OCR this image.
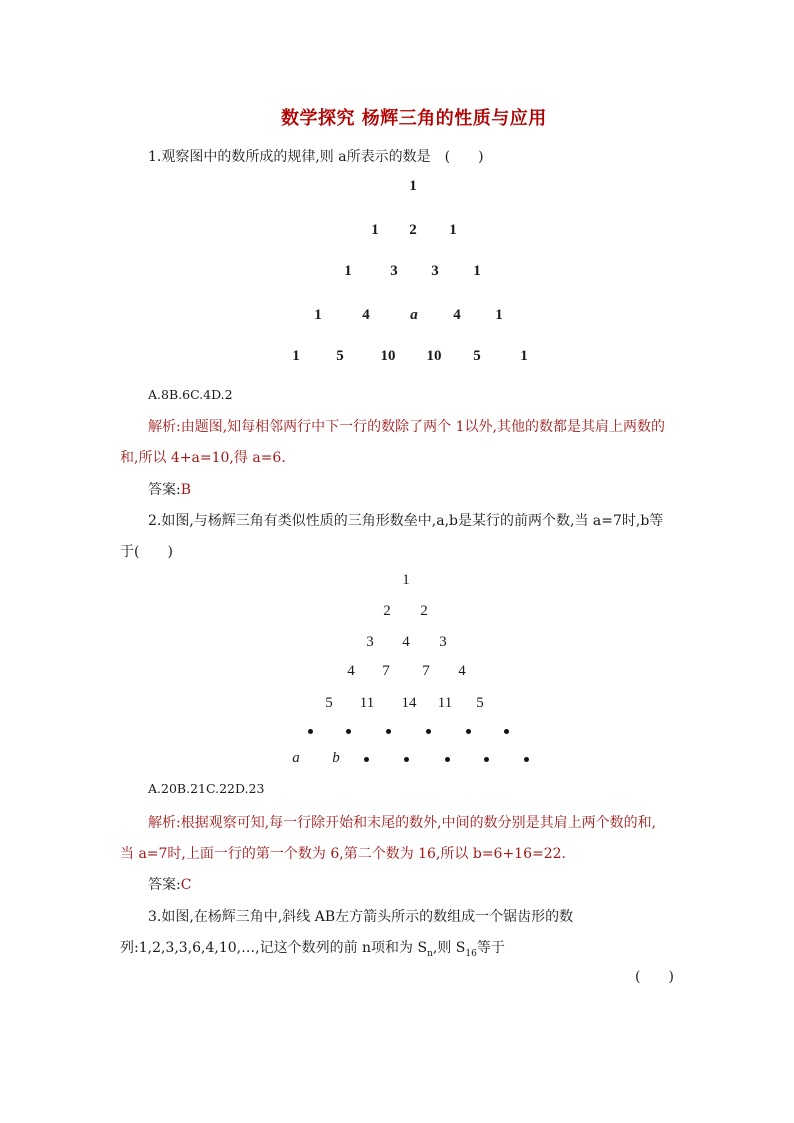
数学探究 杨辉三角的性质与应用
1.观察图中的数所成的规律,则 a所表示的数是　(　　)
1
1 2 1
1	3 3 1
1	4	a 4 1
1 5 10 10 5	1
A.8B.6C.4D.2
解析:由题图,知每相邻两行中下一行的数除了两个 1以外,其他的数都是其肩上两数的
和,所以 4+a=10,得 a=6.
答案:B
2.如图,与杨辉三角有类似性质的三角形数垒中,a,b是某行的前两个数,当 a=7时,b等
于(　　)
1
2 2
3 4 3
4 7 7 4
5 11 14 11 5
a b
A.20B.21C.22D.23
解析:根据观察可知,每一行除开始和末尾的数外,中间的数分别是其肩上两个数的和,
当 a=7时,上面一行的第一个数为 6,第二个数为 16,所以 b=6+16=22.
答案:C
3.如图,在杨辉三角中,斜线 AB左方箭头所示的数组成一个锯齿形的数
列:1,2,3,3,6,4,10,…,记这个数列的前 n项和为 $S_n$,则 $S_{16}$等于
(　　)
